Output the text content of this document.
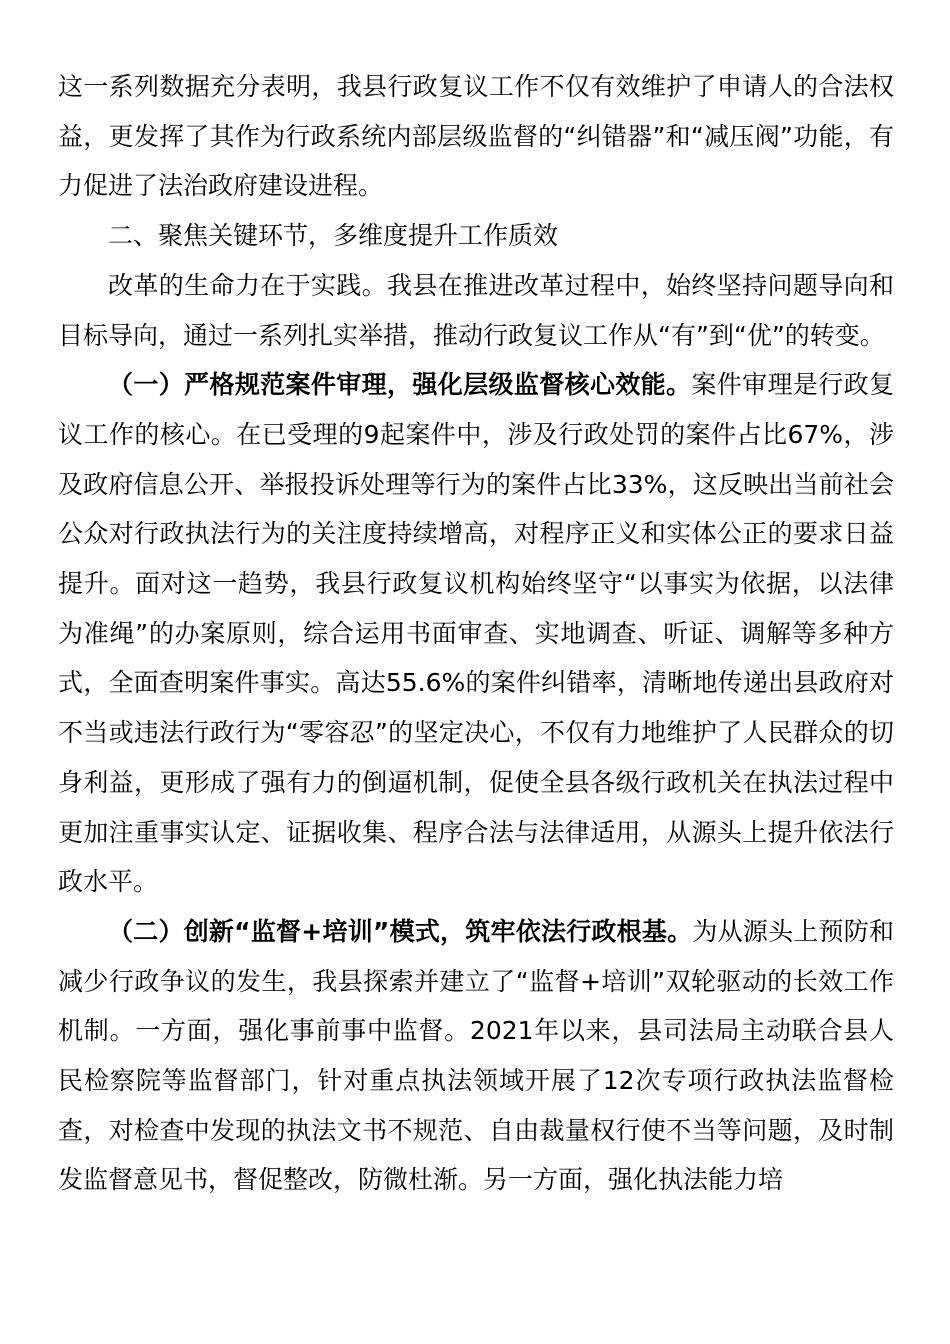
这一系列数据充分表明，我县行政复议工作不仅有效维护了申请人的合法权益，更发挥了其作为行政系统内部层级监督的“纠错器”和“减压阀”功能，有力促进了法治政府建设进程。

二、聚焦关键环节，多维度提升工作质效

改革的生命力在于实践。我县在推进改革过程中，始终坚持问题导向和目标导向，通过一系列扎实举措，推动行政复议工作从“有”到“优”的转变。

（一）严格规范案件审理，强化层级监督核心效能。案件审理是行政复议工作的核心。在已受理的9起案件中，涉及行政处罚的案件占比67%，涉及政府信息公开、举报投诉处理等行为的案件占比33%，这反映出当前社会公众对行政执法行为的关注度持续增高，对程序正义和实体公正的要求日益提升。面对这一趋势，我县行政复议机构始终坚守“以事实为依据，以法律为准绳”的办案原则，综合运用书面审查、实地调查、听证、调解等多种方式，全面查明案件事实。高达55.6%的案件纠错率，清晰地传递出县政府对不当或违法行政行为“零容忍”的坚定决心，不仅有力地维护了人民群众的切身利益，更形成了强有力的倒逼机制，促使全县各级行政机关在执法过程中更加注重事实认定、证据收集、程序合法与法律适用，从源头上提升依法行政水平。

（二）创新“监督+培训”模式，筑牢依法行政根基。为从源头上预防和减少行政争议的发生，我县探索并建立了“监督+培训”双轮驱动的长效工作机制。一方面，强化事前事中监督。2021年以来，县司法局主动联合县人民检察院等监督部门，针对重点执法领域开展了12次专项行政执法监督检查，对检查中发现的执法文书不规范、自由裁量权行使不当等问题，及时制发监督意见书，督促整改，防微杜渐。另一方面，强化执法能力培
